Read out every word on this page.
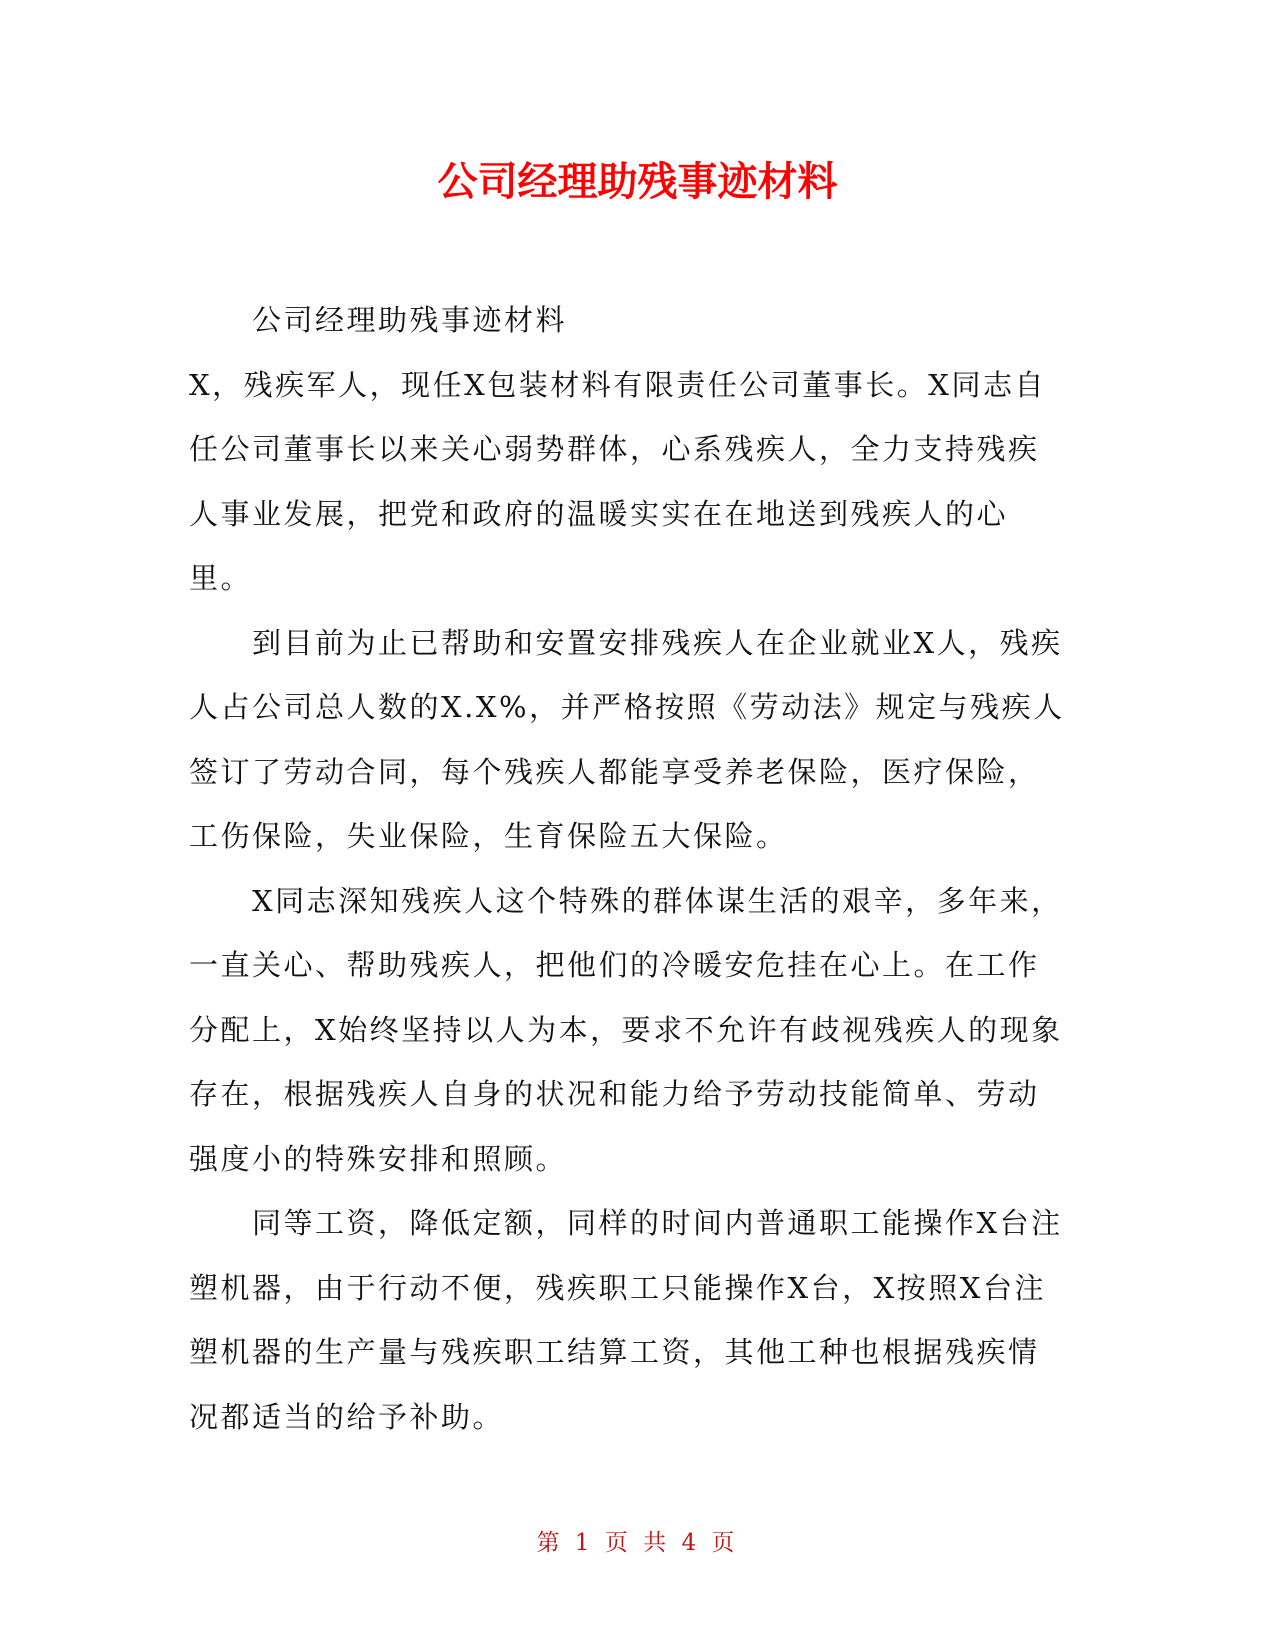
公司经理助残事迹材料

公司经理助残事迹材料

X，残疾军人，现任X包装材料有限责任公司董事长。X同志自任公司董事长以来关心弱势群体，心系残疾人，全力支持残疾人事业发展，把党和政府的温暖实实在在地送到残疾人的心里。

到目前为止已帮助和安置安排残疾人在企业就业X人，残疾人占公司总人数的X.X%，并严格按照《劳动法》规定与残疾人签订了劳动合同，每个残疾人都能享受养老保险，医疗保险，工伤保险，失业保险，生育保险五大保险。

X同志深知残疾人这个特殊的群体谋生活的艰辛，多年来，一直关心、帮助残疾人，把他们的冷暖安危挂在心上。在工作分配上，X始终坚持以人为本，要求不允许有歧视残疾人的现象存在，根据残疾人自身的状况和能力给予劳动技能简单、劳动强度小的特殊安排和照顾。

同等工资，降低定额，同样的时间内普通职工能操作X台注塑机器，由于行动不便，残疾职工只能操作X台，X按照X台注塑机器的生产量与残疾职工结算工资，其他工种也根据残疾情况都适当的给予补助。

第 1 页 共 4 页
